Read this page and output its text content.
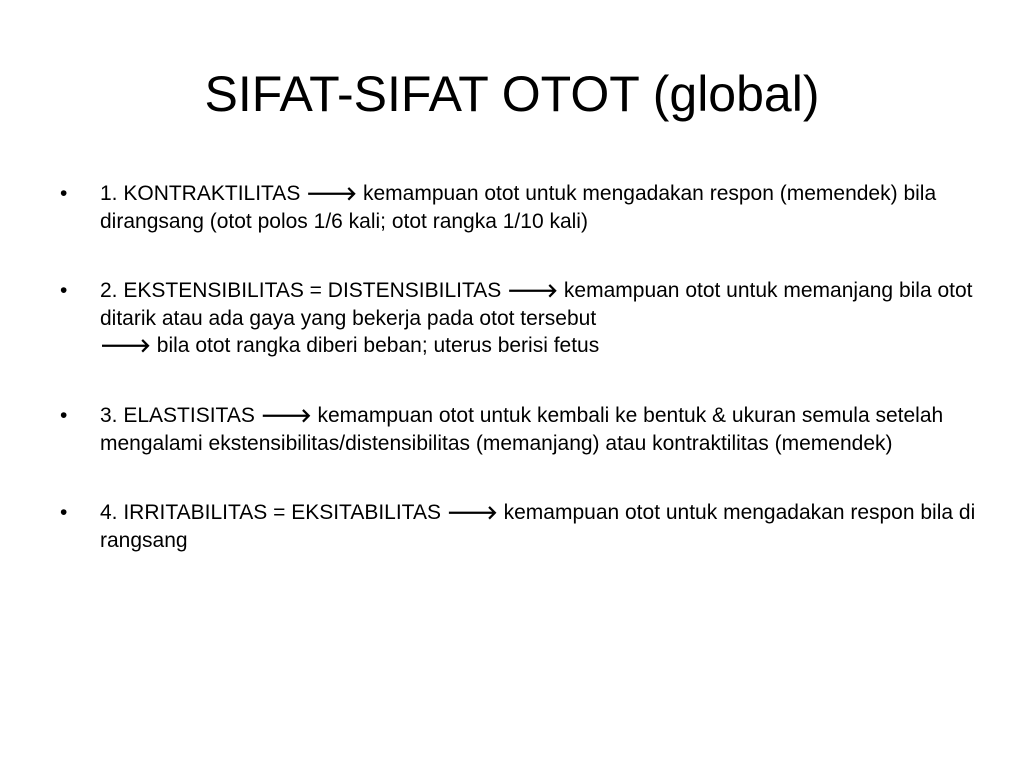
SIFAT-SIFAT OTOT (global)
•	1. KONTRAKTILITAS 🡒 kemampuan otot untuk mengadakan respon (memendek) bila dirangsang (otot polos 1/6 kali; otot rangka 1/10 kali)
•	2. EKSTENSIBILITAS = DISTENSIBILITAS 🡒 kemampuan otot untuk memanjang bila otot ditarik atau ada gaya yang bekerja pada otot tersebut
🡒 bila otot rangka diberi beban; uterus berisi fetus
•	3. ELASTISITAS 🡒 kemampuan otot untuk kembali ke bentuk & ukuran semula setelah mengalami ekstensibilitas/distensibilitas (memanjang) atau kontraktilitas (memendek)
•	4. IRRITABILITAS = EKSITABILITAS 🡒 kemampuan otot untuk mengadakan respon bila di rangsang
